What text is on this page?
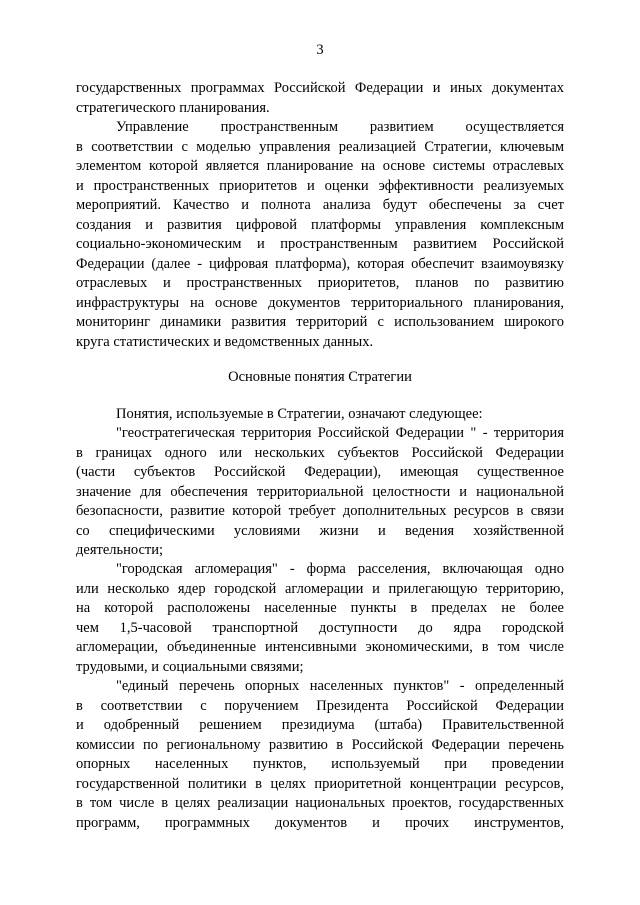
3
государственных программах Российской Федерации и иных документах
стратегического планирования.
Управление пространственным развитием осуществляется
в соответствии с моделью управления реализацией Стратегии, ключевым
элементом которой является планирование на основе системы отраслевых
и пространственных приоритетов и оценки эффективности реализуемых
мероприятий. Качество и полнота анализа будут обеспечены за счет
создания и развития цифровой платформы управления комплексным
социально-экономическим и пространственным развитием Российской
Федерации (далее - цифровая платформа), которая обеспечит взаимоувязку
отраслевых и пространственных приоритетов, планов по развитию
инфраструктуры на основе документов территориального планирования,
мониторинг динамики развития территорий с использованием широкого
круга статистических и ведомственных данных.
Основные понятия Стратегии
Понятия, используемые в Стратегии, означают следующее:
"геостратегическая территория Российской Федерации " - территория
в границах одного или нескольких субъектов Российской Федерации
(части субъектов Российской Федерации), имеющая существенное
значение для обеспечения территориальной целостности и национальной
безопасности, развитие которой требует дополнительных ресурсов в связи
со специфическими условиями жизни и ведения хозяйственной
деятельности;
"городская агломерация" - форма расселения, включающая одно
или несколько ядер городской агломерации и прилегающую территорию,
на которой расположены населенные пункты в пределах не более
чем 1,5-часовой транспортной доступности до ядра городской
агломерации, объединенные интенсивными экономическими, в том числе
трудовыми, и социальными связями;
"единый перечень опорных населенных пунктов" - определенный
в соответствии с поручением Президента Российской Федерации
и одобренный решением президиума (штаба) Правительственной
комиссии по региональному развитию в Российской Федерации перечень
опорных населенных пунктов, используемый при проведении
государственной политики в целях приоритетной концентрации ресурсов,
в том числе в целях реализации национальных проектов, государственных
программ, программных документов и прочих инструментов,
